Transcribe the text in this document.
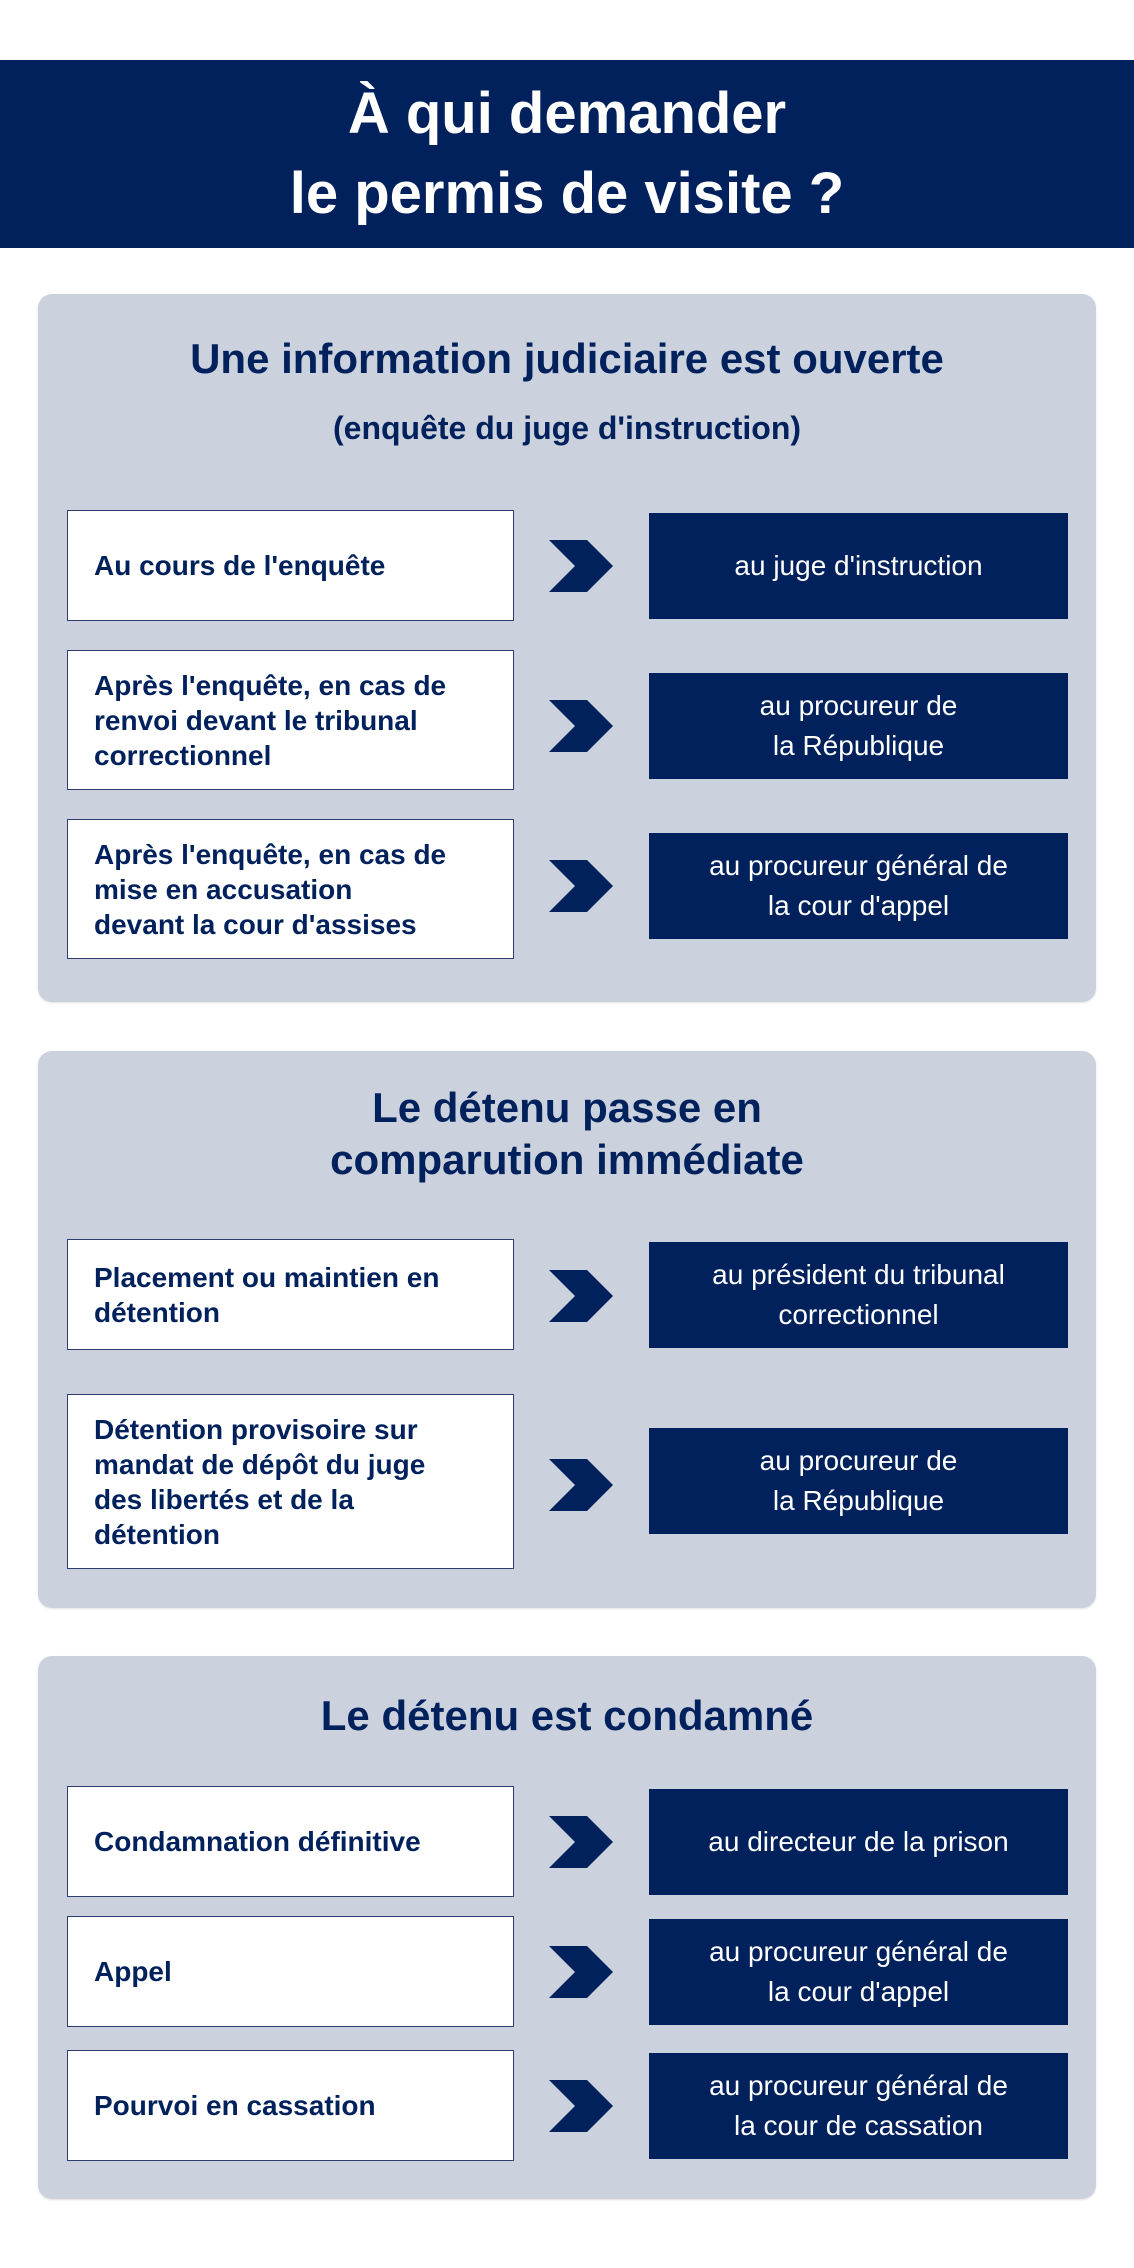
À qui demander
le permis de visite ?
Une information judiciaire est ouverte
(enquête du juge d'instruction)
Au cours de l'enquête	au juge d'instruction
Après l'enquête, en cas de
renvoi devant le tribunal
correctionnel
au procureur de
la République
Après l'enquête, en cas de
mise en accusation
devant la cour d'assises
au procureur général de
la cour d'appel
Le détenu passe en
comparution immédiate
Placement ou maintien en
détention
au président du tribunal
correctionnel
Détention provisoire sur
mandat de dépôt du juge
des libertés et de la
détention
au procureur de
la République
Le détenu est condamné
Condamnation définitive	au directeur de la prison
Appel
au procureur général de
la cour d'appel
Pourvoi en cassation
au procureur général de
la cour de cassation
